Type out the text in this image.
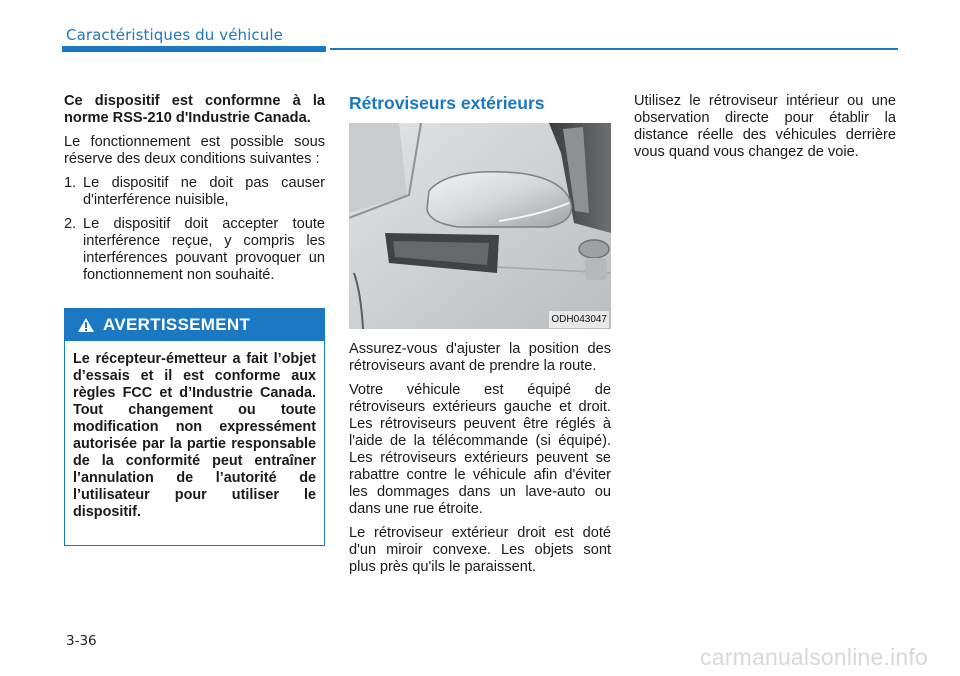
Caractéristiques du véhicule

Ce dispositif est conformne à la norme RSS-210 d'Industrie Canada.

Le fonctionnement est possible sous réserve des deux conditions suivantes :

1. Le dispositif ne doit pas causer d'interférence nuisible,
2. Le dispositif doit accepter toute interférence reçue, y compris les interférences pouvant provoquer un fonctionnement non souhaité.
AVERTISSEMENT
Le récepteur-émetteur a fait l’objet d’essais et il est conforme aux règles FCC et d’Industrie Canada. Tout changement ou toute modification non expressément autorisée par la partie responsable de la conformité peut entraîner l’annulation de l’autorité de l’utilisateur pour utiliser le dispositif.
Rétroviseurs extérieurs
ODH043047

Assurez-vous d'ajuster la position des rétroviseurs avant de prendre la route.

Votre véhicule est équipé de rétroviseurs extérieurs gauche et droit. Les rétroviseurs peuvent être réglés à l'aide de la télécommande (si équipé). Les rétroviseurs extérieurs peuvent se rabattre contre le véhicule afin d'éviter les dommages dans un lave-auto ou dans une rue étroite.

Le rétroviseur extérieur droit est doté d'un miroir convexe. Les objets sont plus près qu'ils le paraissent.

Utilisez le rétroviseur intérieur ou une observation directe pour établir la distance réelle des véhicules derrière vous quand vous changez de voie.

3-36
carmanualsonline.info
